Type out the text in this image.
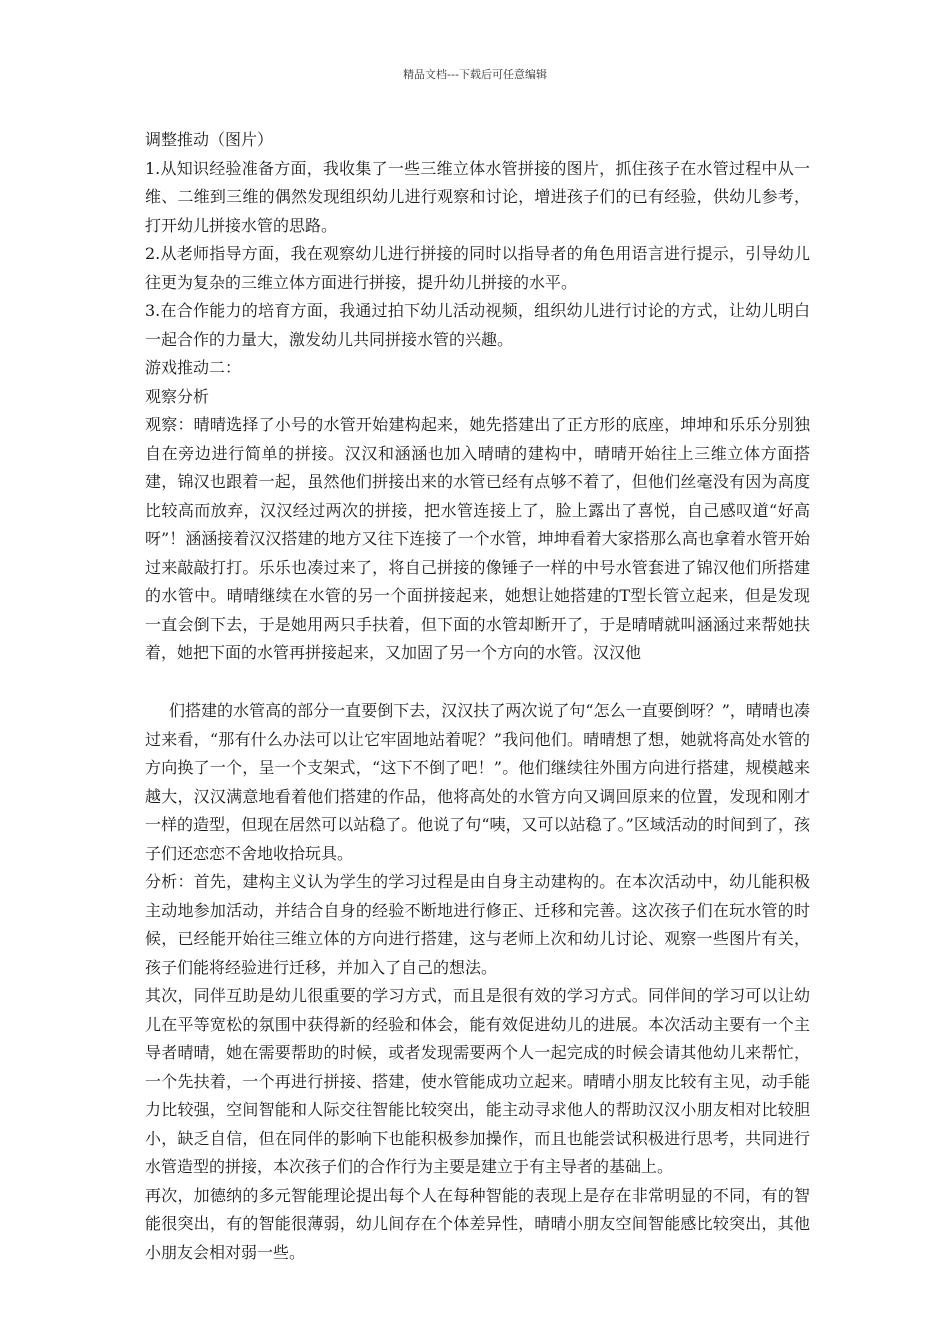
精品文档---下载后可任意编辑

调整推动（图片）

1.从知识经验准备方面，我收集了一些三维立体水管拼接的图片，抓住孩子在水管过程中从一维、二维到三维的偶然发现组织幼儿进行观察和讨论，增进孩子们的已有经验，供幼儿参考，打开幼儿拼接水管的思路。

2.从老师指导方面，我在观察幼儿进行拼接的同时以指导者的角色用语言进行提示，引导幼儿往更为复杂的三维立体方面进行拼接，提升幼儿拼接的水平。

3.在合作能力的培育方面，我通过拍下幼儿活动视频，组织幼儿进行讨论的方式，让幼儿明白一起合作的力量大，激发幼儿共同拼接水管的兴趣。

游戏推动二：

观察分析

观察：晴晴选择了小号的水管开始建构起来，她先搭建出了正方形的底座，坤坤和乐乐分别独自在旁边进行简单的拼接。汉汉和涵涵也加入晴晴的建构中，晴晴开始往上三维立体方面搭建，锦汉也跟着一起，虽然他们拼接出来的水管已经有点够不着了，但他们丝毫没有因为高度比较高而放弃，汉汉经过两次的拼接，把水管连接上了，脸上露出了喜悦，自己感叹道“好高呀”！涵涵接着汉汉搭建的地方又往下连接了一个水管，坤坤看着大家搭那么高也拿着水管开始过来敲敲打打。乐乐也凑过来了，将自己拼接的像锤子一样的中号水管套进了锦汉他们所搭建的水管中。晴晴继续在水管的另一个面拼接起来，她想让她搭建的T型长管立起来，但是发现一直会倒下去，于是她用两只手扶着，但下面的水管却断开了，于是晴晴就叫涵涵过来帮她扶着，她把下面的水管再拼接起来，又加固了另一个方向的水管。汉汉他

们搭建的水管高的部分一直要倒下去，汉汉扶了两次说了句“怎么一直要倒呀？”，晴晴也凑过来看，“那有什么办法可以让它牢固地站着呢？”我问他们。晴晴想了想，她就将高处水管的方向换了一个，呈一个支架式，“这下不倒了吧！”。他们继续往外围方向进行搭建，规模越来越大，汉汉满意地看着他们搭建的作品，他将高处的水管方向又调回原来的位置，发现和刚才一样的造型，但现在居然可以站稳了。他说了句“咦，又可以站稳了。”区域活动的时间到了，孩子们还恋恋不舍地收拾玩具。

分析：首先，建构主义认为学生的学习过程是由自身主动建构的。在本次活动中，幼儿能积极主动地参加活动，并结合自身的经验不断地进行修正、迁移和完善。这次孩子们在玩水管的时候，已经能开始往三维立体的方向进行搭建，这与老师上次和幼儿讨论、观察一些图片有关，孩子们能将经验进行迁移，并加入了自己的想法。

其次，同伴互助是幼儿很重要的学习方式，而且是很有效的学习方式。同伴间的学习可以让幼儿在平等宽松的氛围中获得新的经验和体会，能有效促进幼儿的进展。本次活动主要有一个主导者晴晴，她在需要帮助的时候，或者发现需要两个人一起完成的时候会请其他幼儿来帮忙，一个先扶着，一个再进行拼接、搭建，使水管能成功立起来。晴晴小朋友比较有主见，动手能力比较强，空间智能和人际交往智能比较突出，能主动寻求他人的帮助汉汉小朋友相对比较胆小，缺乏自信，但在同伴的影响下也能积极参加操作，而且也能尝试积极进行思考，共同进行水管造型的拼接，本次孩子们的合作行为主要是建立于有主导者的基础上。

再次，加德纳的多元智能理论提出每个人在每种智能的表现上是存在非常明显的不同，有的智能很突出，有的智能很薄弱，幼儿间存在个体差异性，晴晴小朋友空间智能感比较突出，其他小朋友会相对弱一些。
